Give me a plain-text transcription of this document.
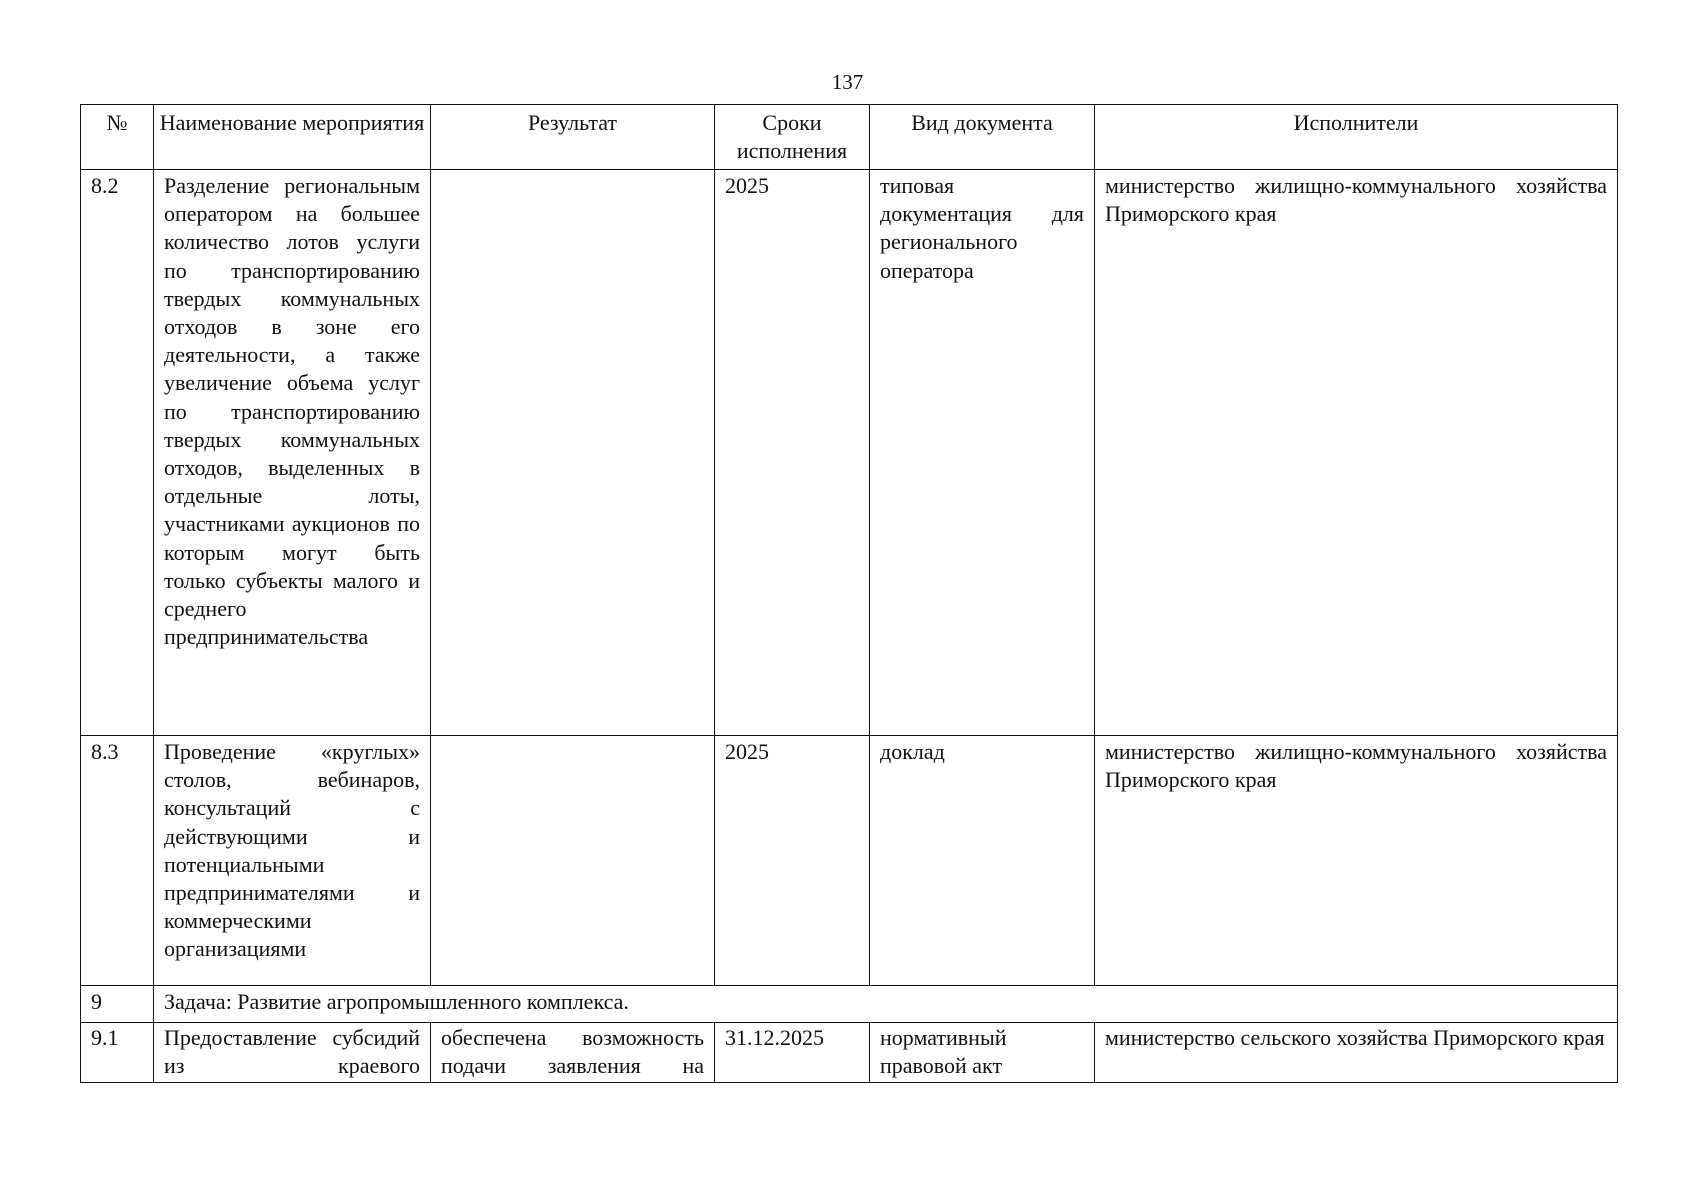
137
№	Наименование мероприятия	Результат	Сроки исполнения	Вид документа	Исполнители
8.2	Разделение региональным оператором на большее количество лотов услуги по транспортированию твердых коммунальных отходов в зоне его деятельности, а также увеличение объема услуг по транспортированию твердых коммунальных отходов, выделенных в отдельные лоты, участниками аукционов по которым могут быть только субъекты малого и среднего предпринимательства		2025	типовая документация для регионального оператора	министерство жилищно-коммунального хозяйства Приморского края
8.3	Проведение «круглых» столов, вебинаров, консультаций с действующими и потенциальными предпринимателями и коммерческими организациями		2025	доклад	министерство жилищно-коммунального хозяйства Приморского края
9	Задача: Развитие агропромышленного комплекса.				
9.1	Предоставление субсидий из краевого	обеспечена возможность подачи заявления на	31.12.2025	нормативный правовой акт	министерство сельского хозяйства Приморского края
